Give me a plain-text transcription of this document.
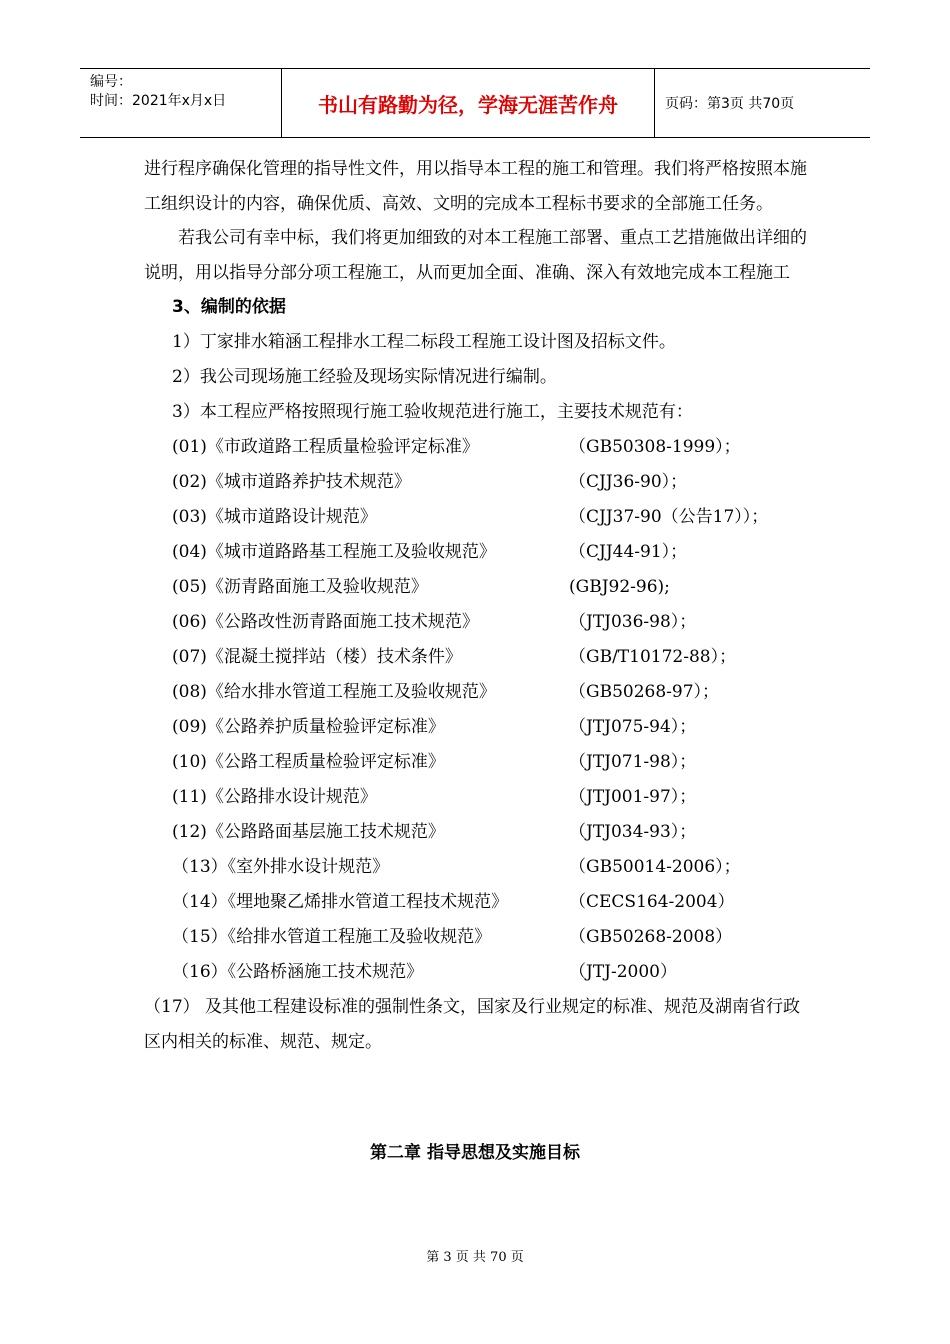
编号：
时间：2021年x月x日	书山有路勤为径，学海无涯苦作舟	页码：第3页 共70页

进行程序确保化管理的指导性文件，用以指导本工程的施工和管理。我们将严格按照本施工组织设计的内容，确保优质、高效、文明的完成本工程标书要求的全部施工任务。

若我公司有幸中标，我们将更加细致的对本工程施工部署、重点工艺措施做出详细的说明，用以指导分部分项工程施工，从而更加全面、准确、深入有效地完成本工程施工

3、编制的依据

1）丁家排水箱涵工程排水工程二标段工程施工设计图及招标文件。

2）我公司现场施工经验及现场实际情况进行编制。

3）本工程应严格按照现行施工验收规范进行施工，主要技术规范有：

(01)《市政道路工程质量检验评定标准》	（GB50308-1999）；

(02)《城市道路养护技术规范》	（CJJ36-90）；

(03)《城市道路设计规范》	（CJJ37-90（公告17））；

(04)《城市道路路基工程施工及验收规范》	（CJJ44-91）；

(05)《沥青路面施工及验收规范》	(GBJ92-96);

(06)《公路改性沥青路面施工技术规范》	（JTJ036-98）；

(07)《混凝土搅拌站（楼）技术条件》	（GB/T10172-88）；

(08)《给水排水管道工程施工及验收规范》	（GB50268-97）；

(09)《公路养护质量检验评定标准》	（JTJ075-94）；

(10)《公路工程质量检验评定标准》	（JTJ071-98）；

(11)《公路排水设计规范》	（JTJ001-97）；

(12)《公路路面基层施工技术规范》	（JTJ034-93）；

（13）《室外排水设计规范》	（GB50014-2006）；

（14）《埋地聚乙烯排水管道工程技术规范》	（CECS164-2004）

（15）《给排水管道工程施工及验收规范》	（GB50268-2008）

（16）《公路桥涵施工技术规范》	（JTJ-2000）

（17） 及其他工程建设标准的强制性条文，国家及行业规定的标准、规范及湖南省行政区内相关的标准、规范、规定。

第二章 指导思想及实施目标
第 3 页 共 70 页
